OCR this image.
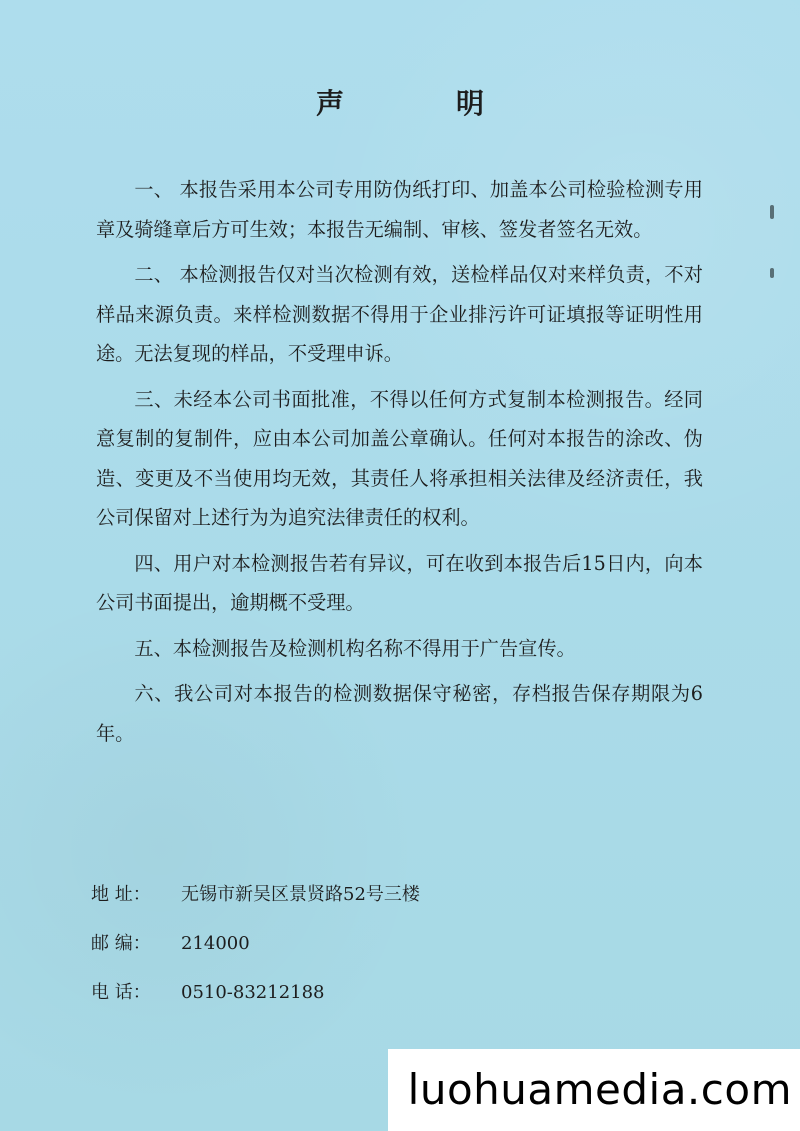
声明

一、 本报告采用本公司专用防伪纸打印、加盖本公司检验检测专用章及骑缝章后方可生效；本报告无编制、审核、签发者签名无效。

二、 本检测报告仅对当次检测有效，送检样品仅对来样负责，不对样品来源负责。来样检测数据不得用于企业排污许可证填报等证明性用途。无法复现的样品，不受理申诉。

三、未经本公司书面批准，不得以任何方式复制本检测报告。经同意复制的复制件，应由本公司加盖公章确认。任何对本报告的涂改、伪造、变更及不当使用均无效，其责任人将承担相关法律及经济责任，我公司保留对上述行为为追究法律责任的权利。

四、用户对本检测报告若有异议，可在收到本报告后15日内，向本公司书面提出，逾期概不受理。

五、本检测报告及检测机构名称不得用于广告宣传。

六、我公司对本报告的检测数据保守秘密，存档报告保存期限为6年。

地 址：	无锡市新吴区景贤路52号三楼
邮 编：	214000
电 话：	0510-83212188
luohuamedia.com
